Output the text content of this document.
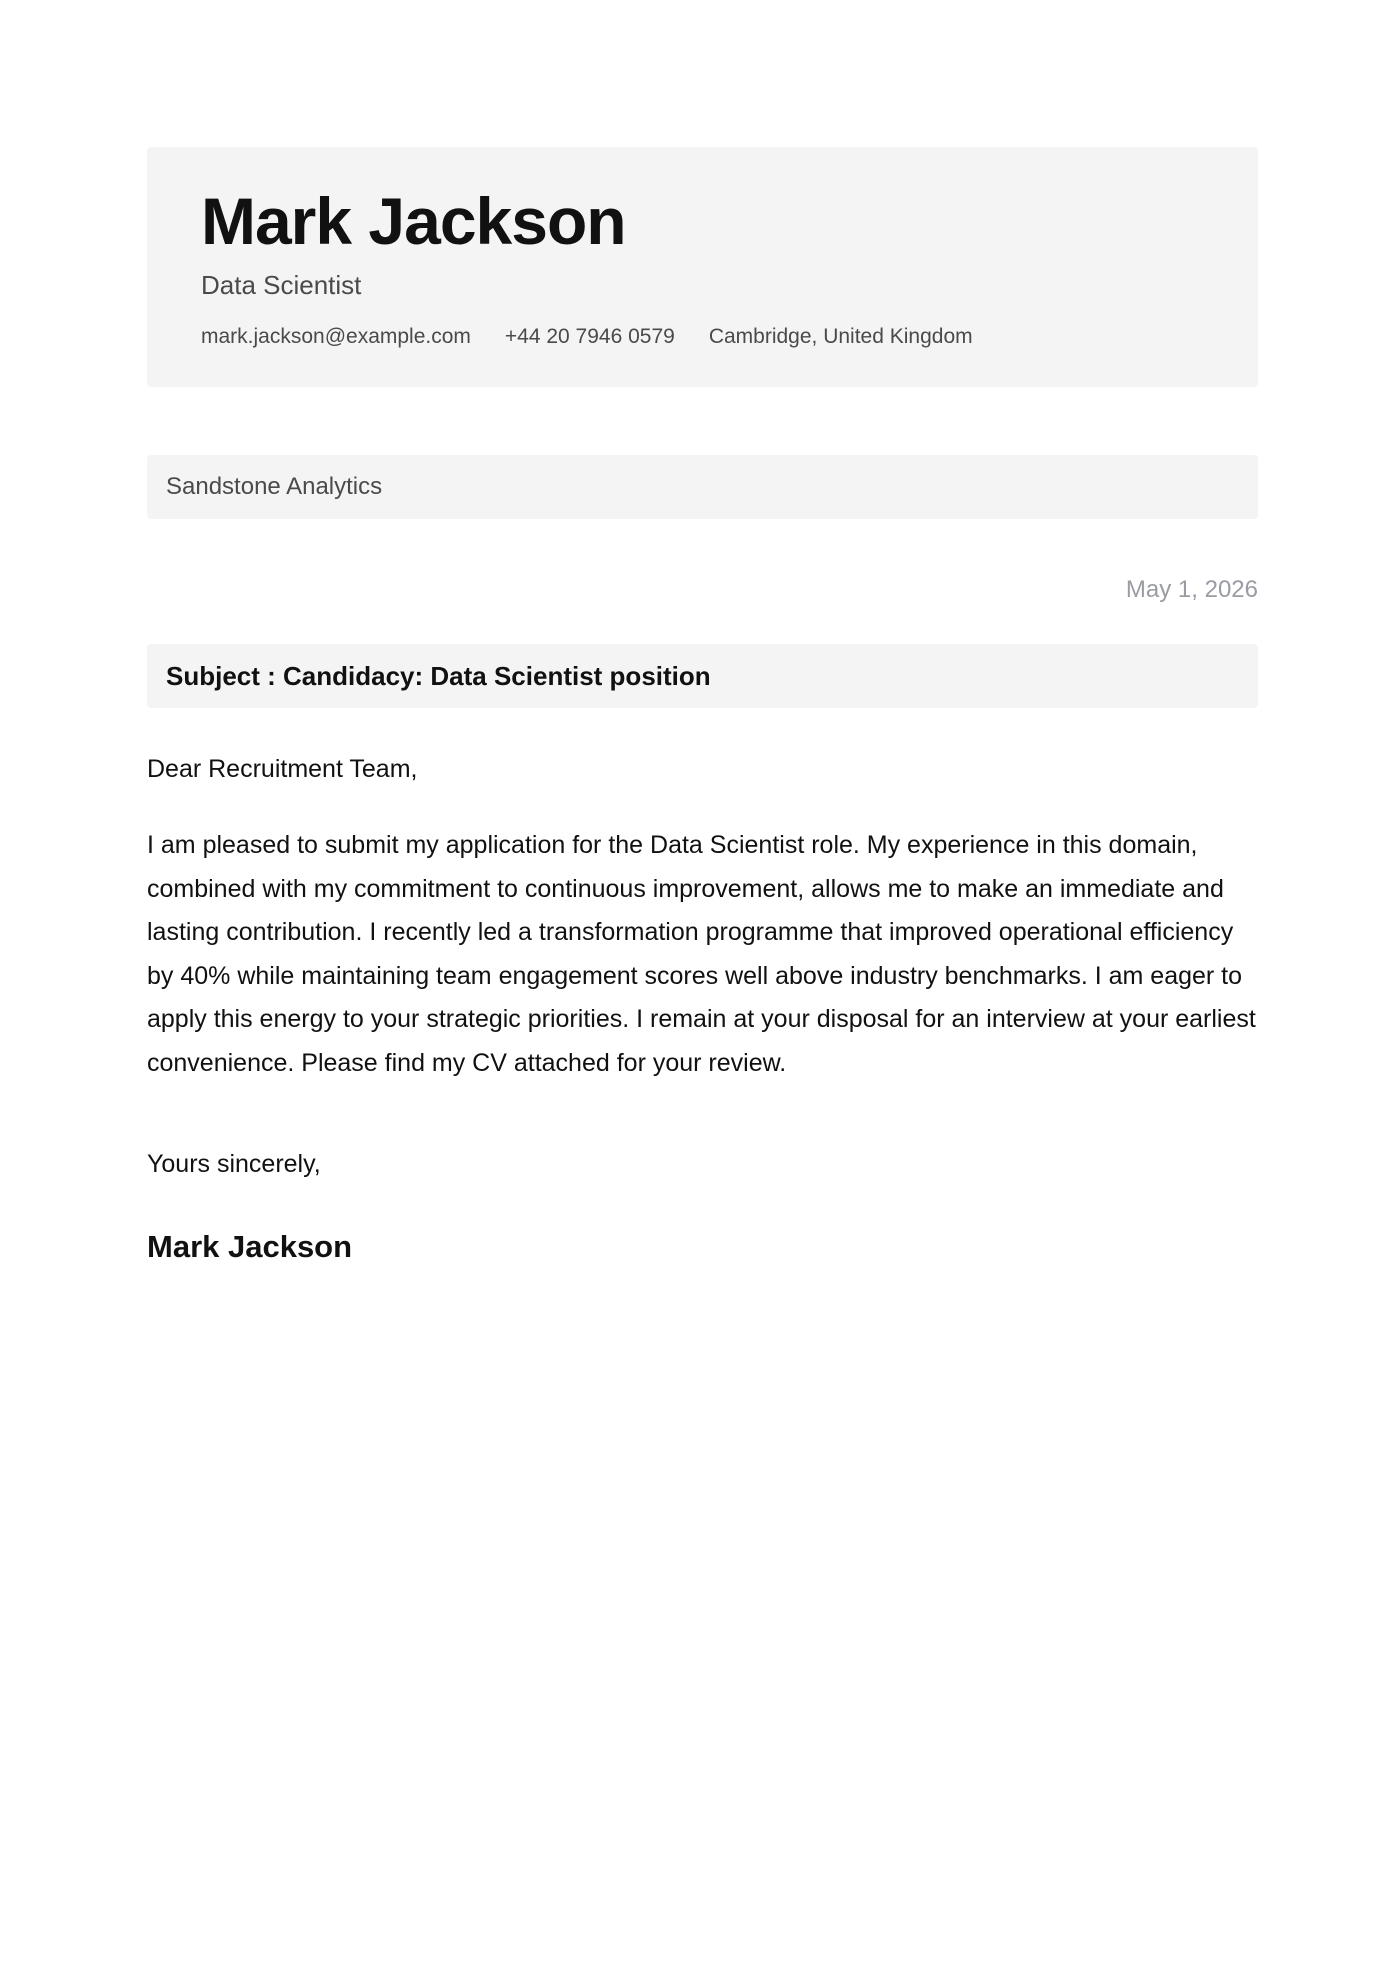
Mark Jackson
Data Scientist
mark.jackson@example.com +44 20 7946 0579 Cambridge, United Kingdom
Sandstone Analytics
May 1, 2026
Subject : Candidacy: Data Scientist position
Dear Recruitment Team,

I am pleased to submit my application for the Data Scientist role. My experience in this domain, combined with my commitment to continuous improvement, allows me to make an immediate and lasting contribution. I recently led a transformation programme that improved operational efficiency by 40% while maintaining team engagement scores well above industry benchmarks. I am eager to apply this energy to your strategic priorities. I remain at your disposal for an interview at your earliest convenience. Please find my CV attached for your review.

Yours sincerely,
Mark Jackson
